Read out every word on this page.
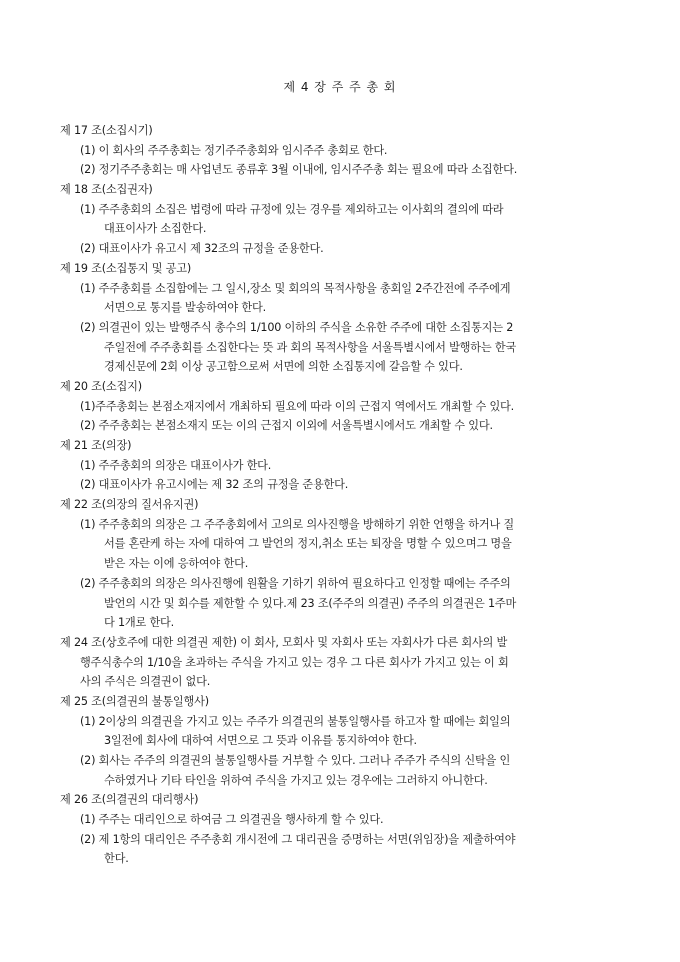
제 4 장 주 주 총 회
제 17 조(소집시기)
(1) 이 회사의 주주총회는 정기주주총회와 임시주주 총회로 한다.
(2) 정기주주총회는 매 사업년도 종류후 3월 이내에, 임시주주총 회는 필요에 따라 소집한다.
제 18 조(소집권자)
(1) 주주총회의 소집은 법령에 따라 규정에 있는 경우를 제외하고는 이사회의 결의에 따라
대표이사가 소집한다.
(2) 대표이사가 유고시 제 32조의 규정을 준용한다.
제 19 조(소집통지 및 공고)
(1) 주주총회를 소집함에는 그 일시,장소 및 회의의 목적사항을 총회일 2주간전에 주주에게
서면으로 통지를 발송하여야 한다.
(2) 의결권이 있는 발행주식 총수의 1/100 이하의 주식을 소유한 주주에 대한 소집통지는 2
주일전에 주주총회를 소집한다는 뜻 과 회의 목적사항을 서울특별시에서 발행하는 한국
경제신문에 2회 이상 공고함으로써 서면에 의한 소집통지에 갈음할 수 있다.
제 20 조(소집지)
(1)주주총회는 본점소재지에서 개최하되 필요에 따라 이의 근접지 역에서도 개최할 수 있다.
(2) 주주총회는 본점소재지 또는 이의 근접지 이외에 서울특별시에서도 개최할 수 있다.
제 21 조(의장)
(1) 주주총회의 의장은 대표이사가 한다.
(2) 대표이사가 유고시에는 제 32 조의 규정을 준용한다.
제 22 조(의장의 질서유지권)
(1) 주주총회의 의장은 그 주주총회에서 고의로 의사진행을 방해하기 위한 언행을 하거나 질
서를 혼란케 하는 자에 대하여 그 발언의 정지,취소 또는 퇴장을 명할 수 있으며그 명을
받은 자는 이에 응하여야 한다.
(2) 주주총회의 의장은 의사진행에 원활을 기하기 위하여 필요하다고 인정할 때에는 주주의
발언의 시간 및 회수를 제한할 수 있다.제 23 조(주주의 의결권) 주주의 의결권은 1주마
다 1개로 한다.
제 24 조(상호주에 대한 의결권 제한) 이 회사, 모회사 및 자회사 또는 자회사가 다른 회사의 발
행주식총수의 1/10을 초과하는 주식을 가지고 있는 경우 그 다른 회사가 가지고 있는 이 회
사의 주식은 의결권이 없다.
제 25 조(의결권의 불통일행사)
(1) 2이상의 의결권을 가지고 있는 주주가 의결권의 불통일행사를 하고자 할 때에는 회일의
3일전에 회사에 대하여 서면으로 그 뜻과 이유를 통지하여야 한다.
(2) 회사는 주주의 의결권의 불통일행사를 거부할 수 있다. 그러나 주주가 주식의 신탁을 인
수하였거나 기타 타인을 위하여 주식을 가지고 있는 경우에는 그러하지 아니한다.
제 26 조(의결권의 대리행사)
(1) 주주는 대리인으로 하여금 그 의결권을 행사하게 할 수 있다.
(2) 제 1항의 대리인은 주주총회 개시전에 그 대리권을 증명하는 서면(위임장)을 제출하여야
한다.
